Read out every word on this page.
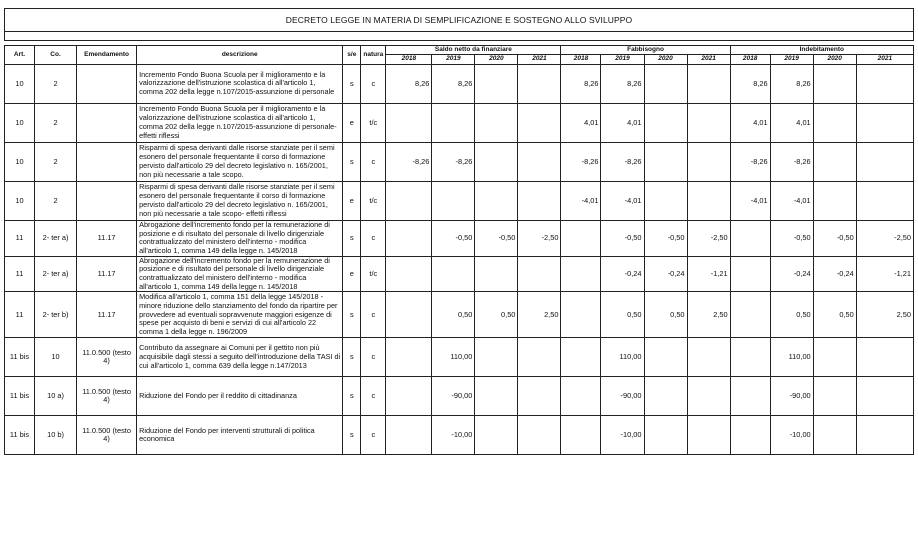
DECRETO LEGGE IN MATERIA DI SEMPLIFICAZIONE E SOSTEGNO ALLO SVILUPPO
Art.	Co.	Emendamento	descrizione	s/e	natura	Saldo netto da finanziare				Fabbisogno				Indebitamento			
						2018	2019	2020	2021	2018	2019	2020	2021	2018	2019	2020	2021
10	2		Incremento Fondo Buona Scuola per il miglioramento e la valorizzazione dell'istruzione scolastica di all'articolo 1, comma 202 della legge n.107/2015-assunzione di personale	s	c	8,26	8,26			8,26	8,26			8,26	8,26		
10	2		Incremento Fondo Buona Scuola per il miglioramento e la valorizzazione dell'istruzione scolastica di all'articolo 1, comma 202 della legge n.107/2015-assunzione di personale- effetti riflessi	e	t/c					4,01	4,01			4,01	4,01		
10	2		Risparmi di spesa derivanti dalle risorse stanziate per il semi esonero del personale frequentante il corso di formazione pervisto dall'articolo 29 del decreto legislativo n. 165/2001, non più necessarie a tale scopo.	s	c	-8,26	-8,26			-8,26	-8,26			-8,26	-8,26		
10	2		Risparmi di spesa derivanti dalle risorse stanziate per il semi esonero del personale frequentante il corso di formazione pervisto dall'articolo 29 del decreto legislativo n. 165/2001, non più necessarie a tale scopo- effetti riflessi	e	t/c					-4,01	-4,01			-4,01	-4,01		
11	2- ter a)	11.17	Abrogazione dell'incremento fondo per la remunerazione di posizione e di risultato del personale di livello dirigenziale contrattualizzato del ministero dell'interno - modifica all'articolo 1, comma 149 della legge n. 145/2018	s	c		-0,50	-0,50	-2,50		-0,50	-0,50	-2,50		-0,50	-0,50	-2,50
11	2- ter a)	11.17	Abrogazione dell'incremento fondo per la remunerazione di posizione e di risultato del personale di livello dirigenziale contrattualizzato del ministero dell'interno - modifica all'articolo 1, comma 149 della legge n. 145/2018	e	t/c						-0,24	-0,24	-1,21		-0,24	-0,24	-1,21
11	2- ter b)	11.17	Modifica all'articolo 1, comma 151 della legge 145/2018 - minore riduzione dello stanziamento del fondo da ripartire per provvedere ad eventuali sopravvenute maggiori esigenze di spese per acquisto di beni e servizi di cui all'articolo 22 comma 1 della legge n. 196/2009	s	c		0,50	0,50	2,50		0,50	0,50	2,50		0,50	0,50	2,50
11 bis	10	11.0.500 (testo 4)	Contributo da assegnare ai Comuni per il gettito non più acquisibile dagli stessi a seguito dell'introduzione della TASI di cui all'articolo 1, comma 639 della legge n.147/2013	s	c		110,00				110,00				110,00		
11 bis	10 a)	11.0.500 (testo 4)	Riduzione del Fondo per il reddito di cittadinanza	s	c		-90,00				-90,00				-90,00		
11 bis	10 b)	11.0.500 (testo 4)	Riduzione del Fondo per interventi strutturali di politica economica	s	c		-10,00				-10,00				-10,00		
